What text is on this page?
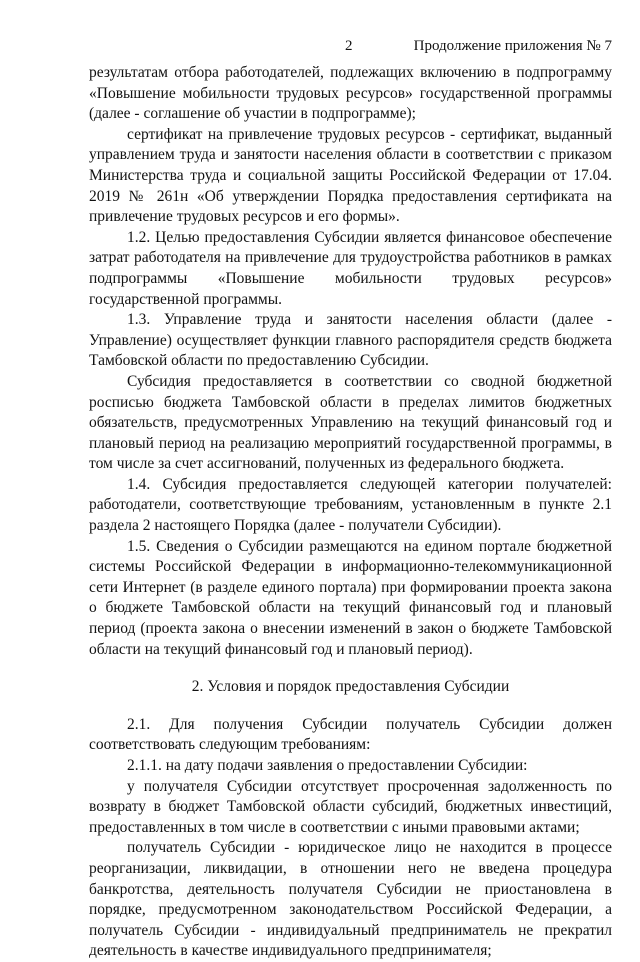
2	Продолжение приложения № 7

результатам отбора работодателей, подлежащих включению в подпрограмму «Повышение мобильности трудовых ресурсов» государственной программы (далее - соглашение об участии в подпрограмме);

сертификат на привлечение трудовых ресурсов - сертификат, выданный управлением труда и занятости населения области в соответствии с приказом Министерства труда и социальной защиты Российской Федерации от 17.04. 2019 № 261н «Об утверждении Порядка предоставления сертификата на привлечение трудовых ресурсов и его формы».

1.2. Целью предоставления Субсидии является финансовое обеспечение затрат работодателя на привлечение для трудоустройства работников в рамках подпрограммы «Повышение мобильности трудовых ресурсов» государственной программы.

1.3. Управление труда и занятости населения области (далее - Управление) осуществляет функции главного распорядителя средств бюджета Тамбовской области по предоставлению Субсидии.

Субсидия предоставляется в соответствии со сводной бюджетной росписью бюджета Тамбовской области в пределах лимитов бюджетных обязательств, предусмотренных Управлению на текущий финансовый год и плановый период на реализацию мероприятий государственной программы, в том числе за счет ассигнований, полученных из федерального бюджета.

1.4. Субсидия предоставляется следующей категории получателей: работодатели, соответствующие требованиям, установленным в пункте 2.1 раздела 2 настоящего Порядка (далее - получатели Субсидии).

1.5. Сведения о Субсидии размещаются на едином портале бюджетной системы Российской Федерации в информационно-телекоммуникационной сети Интернет (в разделе единого портала) при формировании проекта закона о бюджете Тамбовской области на текущий финансовый год и плановый период (проекта закона о внесении изменений в закон о бюджете Тамбовской области на текущий финансовый год и плановый период).

2. Условия и порядок предоставления Субсидии

2.1. Для получения Субсидии получатель Субсидии должен соответствовать следующим требованиям:

2.1.1. на дату подачи заявления о предоставлении Субсидии:

у получателя Субсидии отсутствует просроченная задолженность по возврату в бюджет Тамбовской области субсидий, бюджетных инвестиций, предоставленных в том числе в соответствии с иными правовыми актами;

получатель Субсидии - юридическое лицо не находится в процессе реорганизации, ликвидации, в отношении него не введена процедура банкротства, деятельность получателя Субсидии не приостановлена в порядке, предусмотренном законодательством Российской Федерации, а получатель Субсидии - индивидуальный предприниматель не прекратил деятельность в качестве индивидуального предпринимателя;
